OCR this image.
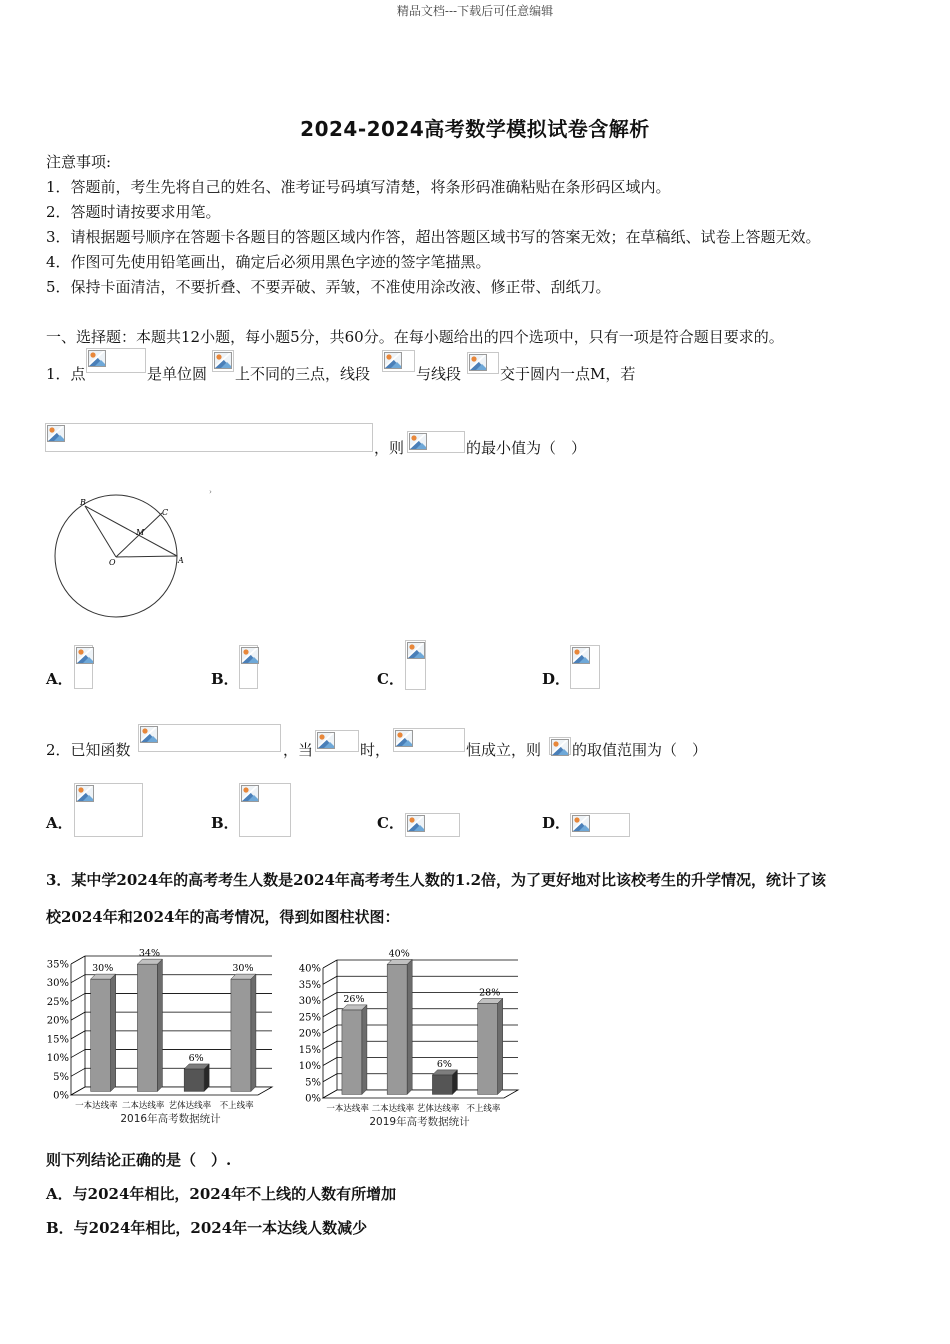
精品文档---下载后可任意编辑
2024-2024高考数学模拟试卷含解析
注意事项:
1．答题前，考生先将自己的姓名、准考证号码填写清楚，将条形码准确粘贴在条形码区域内。
2．答题时请按要求用笔。
3．请根据题号顺序在答题卡各题目的答题区域内作答，超出答题区域书写的答案无效；在草稿纸、试卷上答题无效。
4．作图可先使用铅笔画出，确定后必须用黑色字迹的签字笔描黑。
5．保持卡面清洁，不要折叠、不要弄破、弄皱，不准使用涂改液、修正带、刮纸刀。
一、选择题：本题共12小题，每小题5分，共60分。在每小题给出的四个选项中，只有一项是符合题目要求的。
1．点	是单位圆 上不同的三点，线段	与线段	交于圆内一点M，若
，则	的最小值为（　）
B
C
M
O	A
›
A．	B．	C．	D．
2．已知函数	，当	时，	恒成立，则 的取值范围为（　）
A．	B．	C．	D．
3．某中学2024年的高考考生人数是2024年高考考生人数的1.2倍，为了更好地对比该校考生的升学情况，统计了该
校2024年和2024年的高考情况，得到如图柱状图：
0%
5%
10%
15%
20%
25%
30%
35% 30%
一本达线率
34%
二本达线率
6%
艺体达线率
30%
不上线率
2016年高考数据统计
0%
5%
10%
15%
20%
25%
30%
35%
40%
26%
一本达线率
40%
二本达线率
6%
艺体达线率
28%
不上线率
2019年高考数据统计
则下列结论正确的是（　）.
A．与2024年相比，2024年不上线的人数有所增加
B．与2024年相比，2024年一本达线人数减少
